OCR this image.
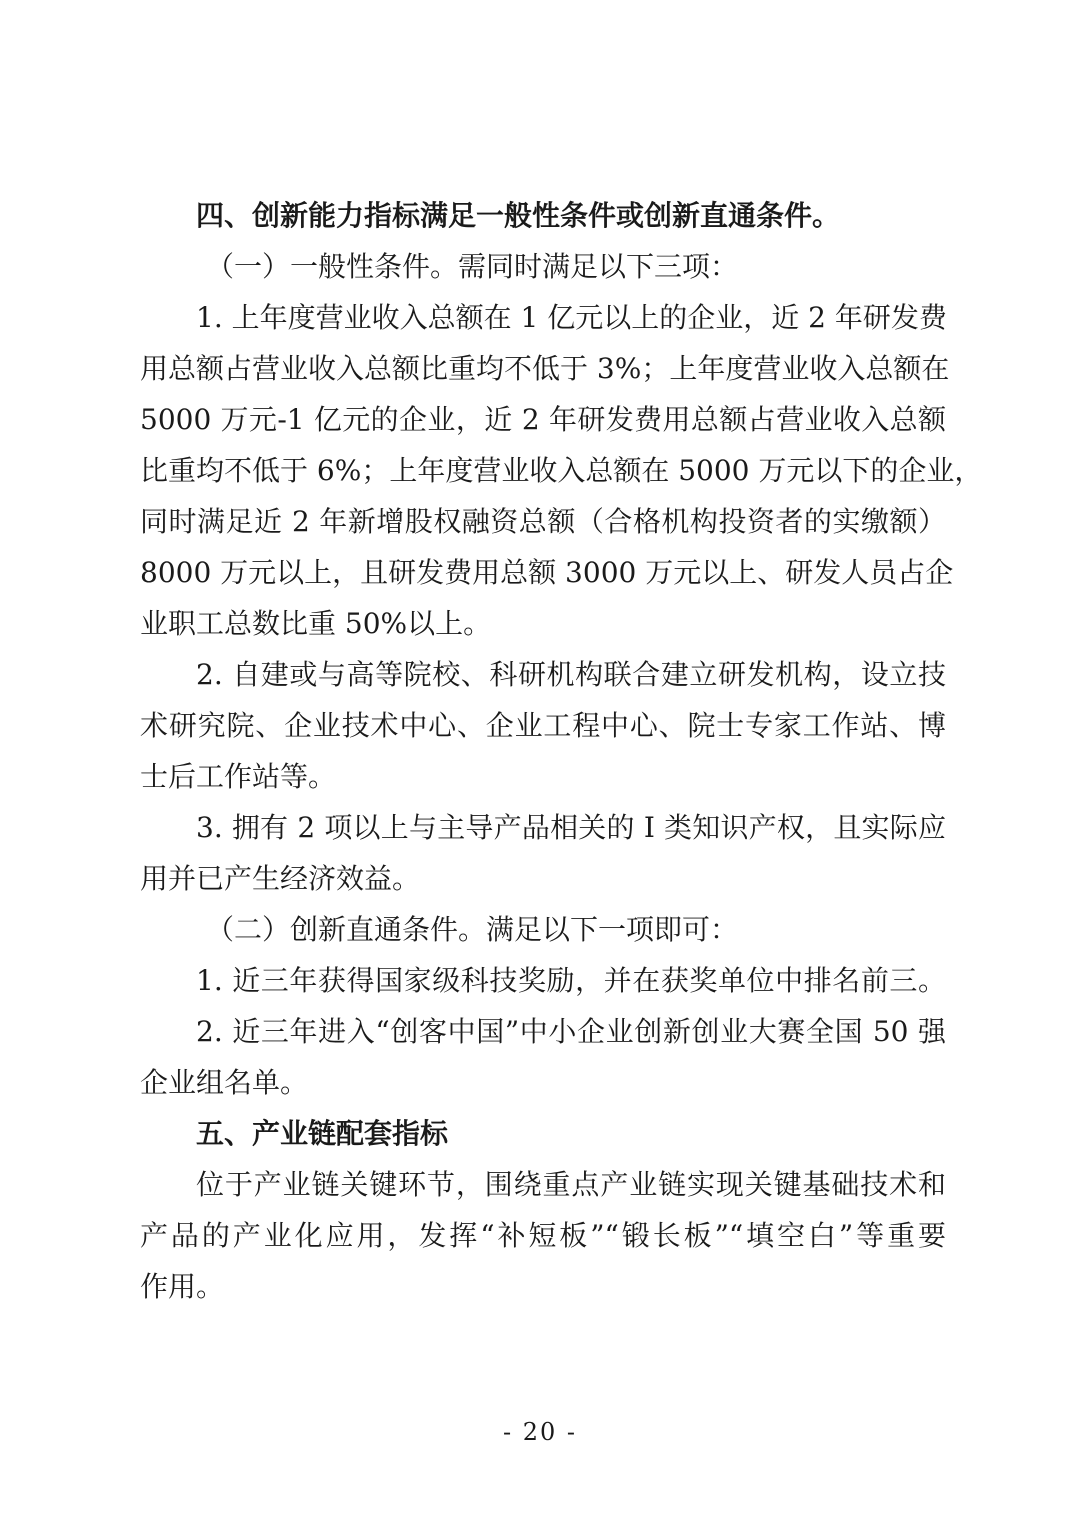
四、创新能力指标满足一般性条件或创新直通条件。
（一）一般性条件。需同时满足以下三项：
1. 上年度营业收入总额在 1 亿元以上的企业，近 2 年研发费
用总额占营业收入总额比重均不低于 3%；上年度营业收入总额在
5000 万元-1 亿元的企业，近 2 年研发费用总额占营业收入总额
比重均不低于 6%；上年度营业收入总额在 5000 万元以下的企业，
同时满足近 2 年新增股权融资总额（合格机构投资者的实缴额）
8000 万元以上，且研发费用总额 3000 万元以上、研发人员占企
业职工总数比重 50%以上。
2. 自建或与高等院校、科研机构联合建立研发机构，设立技
术研究院、企业技术中心、企业工程中心、院士专家工作站、博
士后工作站等。
3. 拥有 2 项以上与主导产品相关的 I 类知识产权，且实际应
用并已产生经济效益。
（二）创新直通条件。满足以下一项即可：
1. 近三年获得国家级科技奖励，并在获奖单位中排名前三。
2. 近三年进入“创客中国”中小企业创新创业大赛全国 50 强
企业组名单。
五、产业链配套指标
位于产业链关键环节，围绕重点产业链实现关键基础技术和
产品的产业化应用，发挥“补短板”“锻长板”“填空白”等重要
作用。
- 20 -
